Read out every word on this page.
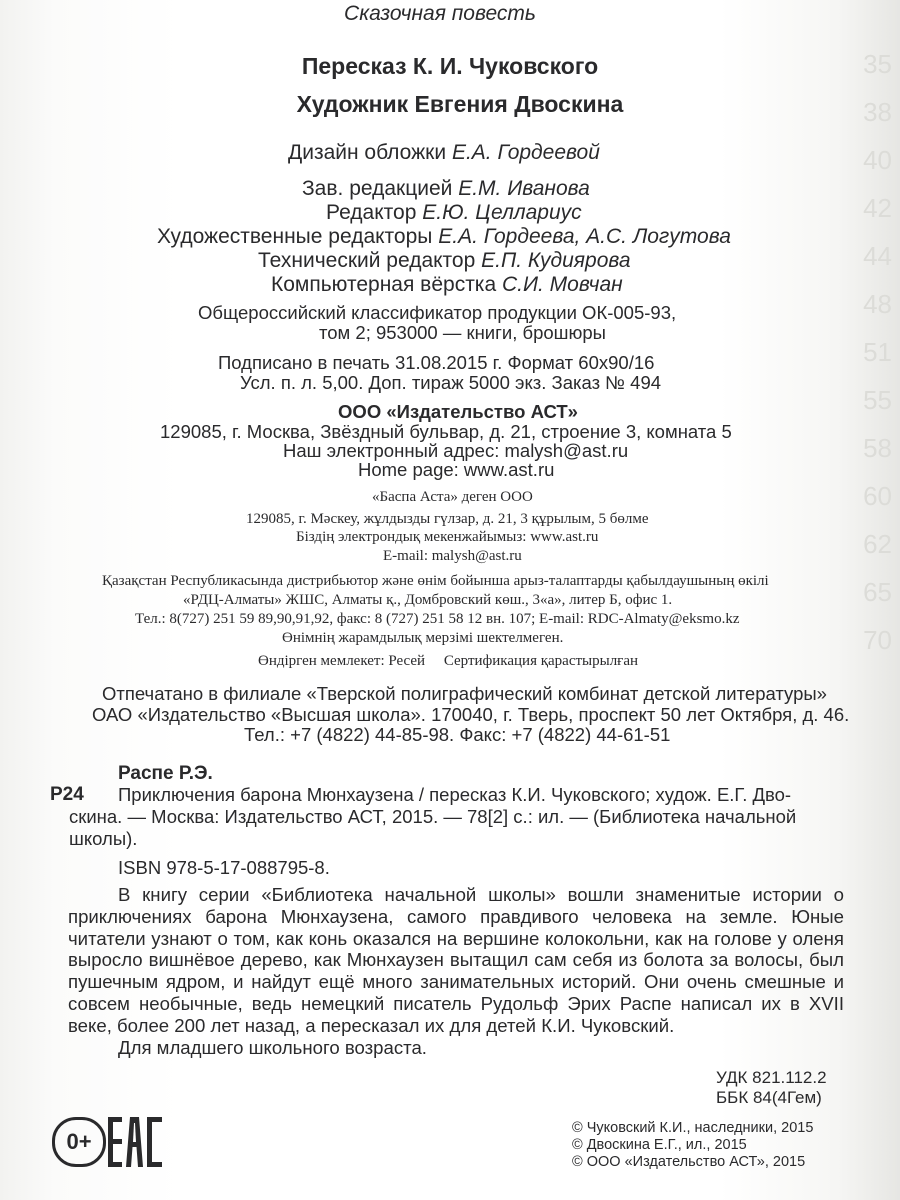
35
38
40
42
44
48
51
55
58
60
62
65
70
Сказочная повесть
Пересказ К. И. Чуковского
Художник Евгения Двоскина
Дизайн обложки Е.А. Гордеевой
Зав. редакцией Е.М. Иванова
Редактор Е.Ю. Целлариус
Художественные редакторы Е.А. Гордеева, А.С. Логутова
Технический редактор Е.П. Кудиярова
Компьютерная вёрстка С.И. Мовчан
Общероссийский классификатор продукции ОК-005-93,
том 2; 953000 — книги, брошюры
Подписано в печать 31.08.2015 г. Формат 60x90/16
Усл. п. л. 5,00. Доп. тираж 5000 экз. Заказ № 494
ООО «Издательство АСТ»
129085, г. Москва, Звёздный бульвар, д. 21, строение 3, комната 5
Наш электронный адрес: malysh@ast.ru
Home page: www.ast.ru
«Баспа Аста» деген ООО
129085, г. Мәскеу, жұлдызды гүлзар, д. 21, 3 құрылым, 5 бөлме
Біздің электрондық мекенжайымыз: www.ast.ru
E-mail: malysh@ast.ru
Қазақстан Республикасында дистрибьютор және өнім бойынша арыз-талаптарды қабылдаушының өкілі
«РДЦ-Алматы» ЖШС, Алматы қ., Домбровский көш., 3«а», литер Б, офис 1.
Тел.: 8(727) 251 59 89,90,91,92, факс: 8 (727) 251 58 12 вн. 107; E-mail: RDC-Almaty@eksmo.kz
Өнімнің жарамдылық мерзімі шектелмеген.
Өндірген мемлекет: Ресей     Сертификация қарастырылған
Отпечатано в филиале «Тверской полиграфический комбинат детской литературы»
ОАО «Издательство «Высшая школа». 170040, г. Тверь, проспект 50 лет Октября, д. 46.
Тел.: +7 (4822) 44-85-98. Факс: +7 (4822) 44-61-51
Распе Р.Э.
Р24 Приключения барона Мюнхаузена / пересказ К.И. Чуковского; худож. Е.Г. Дво-
скина. — Москва: Издательство АСТ, 2015. — 78[2] с.: ил. — (Библиотека начальной
школы).
ISBN 978-5-17-088795-8.

В книгу серии «Библиотека начальной школы» вошли знаменитые истории о приключениях барона Мюнхаузена, самого правдивого человека на земле. Юные читатели узнают о том, как конь оказался на вершине колокольни, как на голове у оленя выросло вишнёвое дерево, как Мюнхаузен вытащил сам себя из болота за волосы, был пушечным ядром, и найдут ещё много занимательных историй. Они очень смешные и совсем необычные, ведь немецкий писатель Рудольф Эрих Распе написал их в XVII веке, более 200 лет назад, а пересказал их для детей К.И. Чуковский.

Для младшего школьного возраста.

УДК 821.112.2
ББК 84(4Гем)
0+
© Чуковский К.И., наследники, 2015
© Двоскина Е.Г., ил., 2015
© ООО «Издательство АСТ», 2015
